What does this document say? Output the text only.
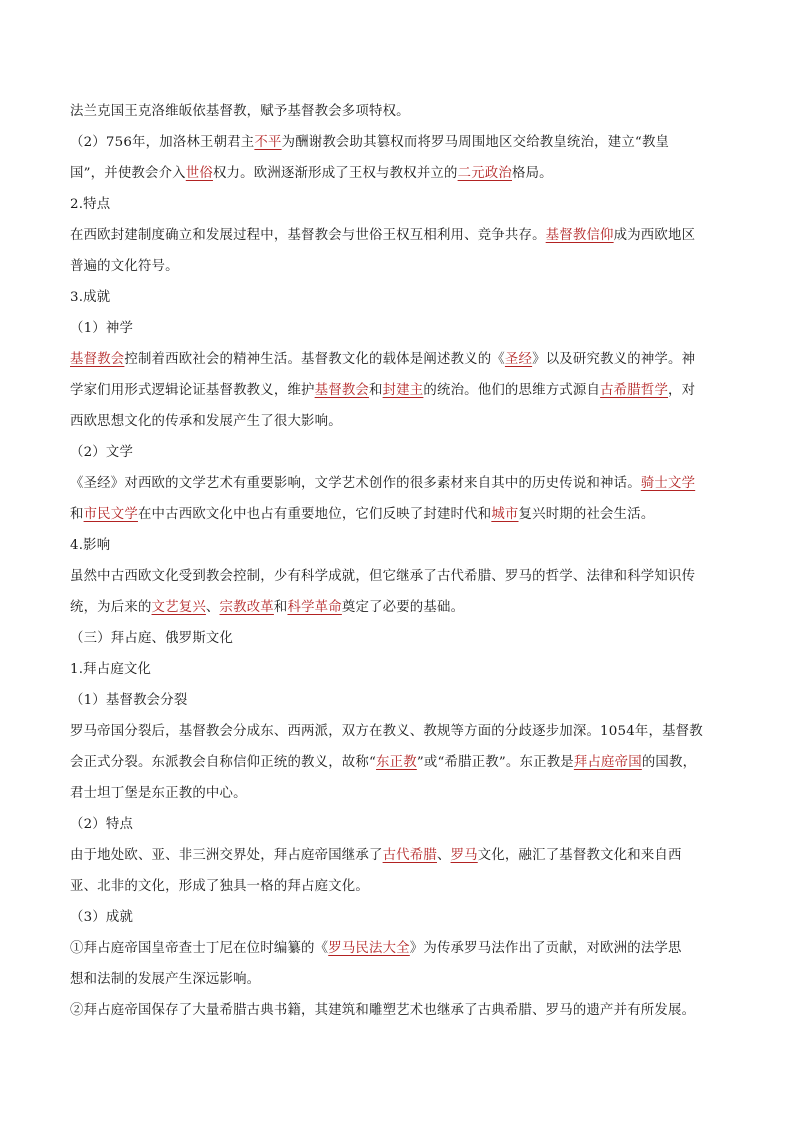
法兰克国王克洛维皈依基督教，赋予基督教会多项特权。
（2）756年，加洛林王朝君主不平为酬谢教会助其篡权而将罗马周围地区交给教皇统治，建立“教皇
国”，并使教会介入世俗权力。欧洲逐渐形成了王权与教权并立的二元政治格局。
2.特点
在西欧封建制度确立和发展过程中，基督教会与世俗王权互相利用、竞争共存。基督教信仰成为西欧地区
普遍的文化符号。
3.成就
（1）神学
基督教会控制着西欧社会的精神生活。基督教文化的载体是阐述教义的《圣经》以及研究教义的神学。神
学家们用形式逻辑论证基督教教义，维护基督教会和封建主的统治。他们的思维方式源自古希腊哲学，对
西欧思想文化的传承和发展产生了很大影响。
（2）文学
《圣经》对西欧的文学艺术有重要影响，文学艺术创作的很多素材来自其中的历史传说和神话。骑士文学
和市民文学在中古西欧文化中也占有重要地位，它们反映了封建时代和城市复兴时期的社会生活。
4.影响
虽然中古西欧文化受到教会控制，少有科学成就，但它继承了古代希腊、罗马的哲学、法律和科学知识传
统，为后来的文艺复兴、宗教改革和科学革命奠定了必要的基础。
（三）拜占庭、俄罗斯文化
1.拜占庭文化
（1）基督教会分裂
罗马帝国分裂后，基督教会分成东、西两派，双方在教义、教规等方面的分歧逐步加深。1054年，基督教
会正式分裂。东派教会自称信仰正统的教义，故称“东正教”或“希腊正教”。东正教是拜占庭帝国的国教，
君士坦丁堡是东正教的中心。
（2）特点
由于地处欧、亚、非三洲交界处，拜占庭帝国继承了古代希腊、罗马文化，融汇了基督教文化和来自西
亚、北非的文化，形成了独具一格的拜占庭文化。
（3）成就
①拜占庭帝国皇帝查士丁尼在位时编纂的《罗马民法大全》为传承罗马法作出了贡献，对欧洲的法学思
想和法制的发展产生深远影响。
②拜占庭帝国保存了大量希腊古典书籍，其建筑和雕塑艺术也继承了古典希腊、罗马的遗产并有所发展。
